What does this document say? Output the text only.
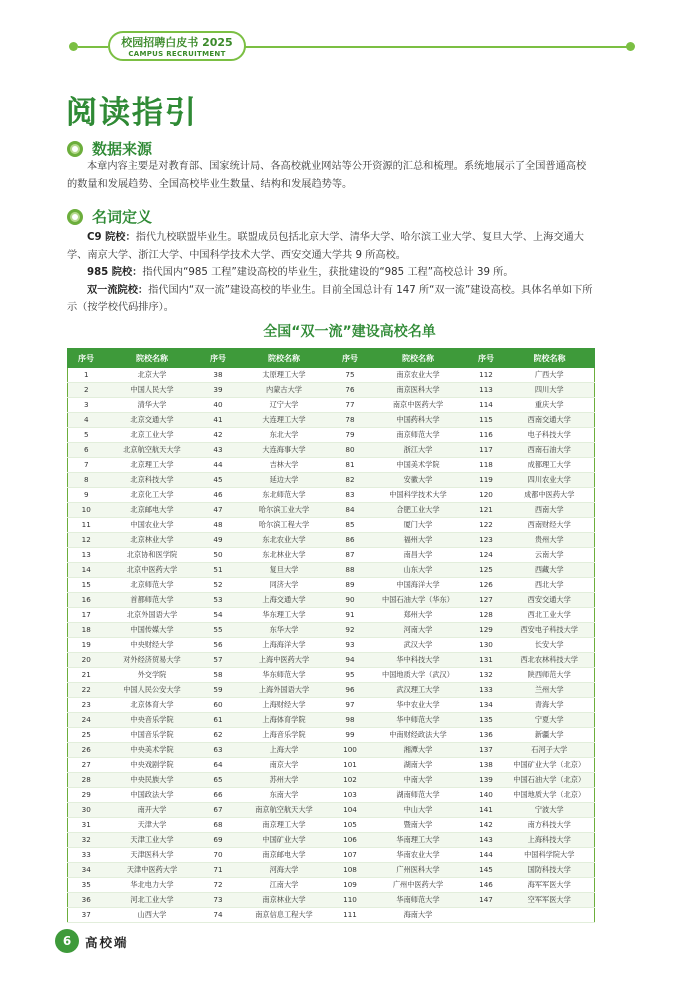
校园招聘白皮书 2025
CAMPUS RECRUITMENT
阅读指引
数据来源
本章内容主要是对教育部、国家统计局、各高校就业网站等公开资源的汇总和梳理。系统地展示了全国普通高校的数量和发展趋势、全国高校毕业生数量、结构和发展趋势等。
名词定义
C9 院校：指代九校联盟毕业生。联盟成员包括北京大学、清华大学、哈尔滨工业大学、复旦大学、上海交通大学、南京大学、浙江大学、中国科学技术大学、西安交通大学共 9 所高校。
985 院校：指代国内“985 工程”建设高校的毕业生，获批建设的“985 工程”高校总计 39 所。
双一流院校：指代国内“双一流”建设高校的毕业生。目前全国总计有 147 所“双一流”建设高校。具体名单如下所示（按学校代码排序）。
全国“双一流”建设高校名单
序号	院校名称	序号	院校名称	序号	院校名称	序号	院校名称
1	北京大学	38	太原理工大学	75	南京农业大学	112	广西大学
2	中国人民大学	39	内蒙古大学	76	南京医科大学	113	四川大学
3	清华大学	40	辽宁大学	77	南京中医药大学	114	重庆大学
4	北京交通大学	41	大连理工大学	78	中国药科大学	115	西南交通大学
5	北京工业大学	42	东北大学	79	南京师范大学	116	电子科技大学
6	北京航空航天大学	43	大连海事大学	80	浙江大学	117	西南石油大学
7	北京理工大学	44	吉林大学	81	中国美术学院	118	成都理工大学
8	北京科技大学	45	延边大学	82	安徽大学	119	四川农业大学
9	北京化工大学	46	东北师范大学	83	中国科学技术大学	120	成都中医药大学
10	北京邮电大学	47	哈尔滨工业大学	84	合肥工业大学	121	西南大学
11	中国农业大学	48	哈尔滨工程大学	85	厦门大学	122	西南财经大学
12	北京林业大学	49	东北农业大学	86	福州大学	123	贵州大学
13	北京协和医学院	50	东北林业大学	87	南昌大学	124	云南大学
14	北京中医药大学	51	复旦大学	88	山东大学	125	西藏大学
15	北京师范大学	52	同济大学	89	中国海洋大学	126	西北大学
16	首都师范大学	53	上海交通大学	90	中国石油大学（华东）	127	西安交通大学
17	北京外国语大学	54	华东理工大学	91	郑州大学	128	西北工业大学
18	中国传媒大学	55	东华大学	92	河南大学	129	西安电子科技大学
19	中央财经大学	56	上海海洋大学	93	武汉大学	130	长安大学
20	对外经济贸易大学	57	上海中医药大学	94	华中科技大学	131	西北农林科技大学
21	外交学院	58	华东师范大学	95	中国地质大学（武汉）	132	陕西师范大学
22	中国人民公安大学	59	上海外国语大学	96	武汉理工大学	133	兰州大学
23	北京体育大学	60	上海财经大学	97	华中农业大学	134	青海大学
24	中央音乐学院	61	上海体育学院	98	华中师范大学	135	宁夏大学
25	中国音乐学院	62	上海音乐学院	99	中南财经政法大学	136	新疆大学
26	中央美术学院	63	上海大学	100	湘潭大学	137	石河子大学
27	中央戏剧学院	64	南京大学	101	湖南大学	138	中国矿业大学（北京）
28	中央民族大学	65	苏州大学	102	中南大学	139	中国石油大学（北京）
29	中国政法大学	66	东南大学	103	湖南师范大学	140	中国地质大学（北京）
30	南开大学	67	南京航空航天大学	104	中山大学	141	宁波大学
31	天津大学	68	南京理工大学	105	暨南大学	142	南方科技大学
32	天津工业大学	69	中国矿业大学	106	华南理工大学	143	上海科技大学
33	天津医科大学	70	南京邮电大学	107	华南农业大学	144	中国科学院大学
34	天津中医药大学	71	河海大学	108	广州医科大学	145	国防科技大学
35	华北电力大学	72	江南大学	109	广州中医药大学	146	海军军医大学
36	河北工业大学	73	南京林业大学	110	华南师范大学	147	空军军医大学
37	山西大学	74	南京信息工程大学	111	海南大学		
6	高校端
